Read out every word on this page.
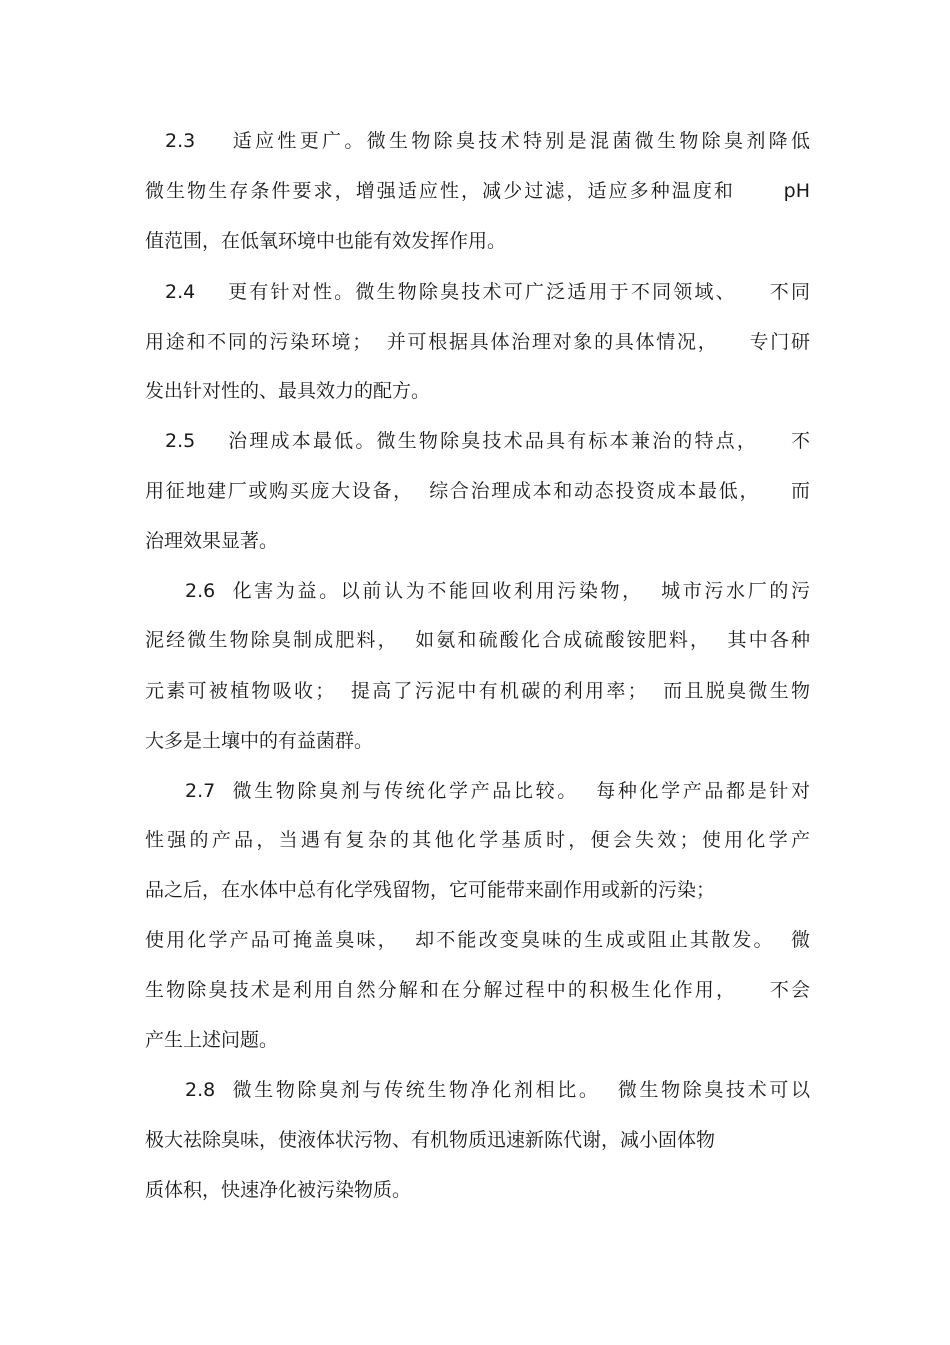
2.3    适应性更广。微生物除臭技术特别是混菌微生物除臭剂降低
微生物生存条件要求，增强适应性，减少过滤，适应多种温度和      pH
值范围，在低氧环境中也能有效发挥作用。
2.4    更有针对性。微生物除臭技术可广泛适用于不同领域、    不同
用途和不同的污染环境；  并可根据具体治理对象的具体情况，    专门研
发出针对性的、最具效力的配方。
2.5    治理成本最低。微生物除臭技术品具有标本兼治的特点，    不
用征地建厂或购买庞大设备，  综合治理成本和动态投资成本最低，    而
治理效果显著。
2.6  化害为益。以前认为不能回收利用污染物，  城市污水厂的污
泥经微生物除臭制成肥料，  如氨和硫酸化合成硫酸铵肥料，  其中各种
元素可被植物吸收；  提高了污泥中有机碳的利用率；  而且脱臭微生物
大多是土壤中的有益菌群。
2.7  微生物除臭剂与传统化学产品比较。  每种化学产品都是针对
性强的产品，当遇有复杂的其他化学基质时，便会失效；使用化学产
品之后，在水体中总有化学残留物，它可能带来副作用或新的污染；
使用化学产品可掩盖臭味，  却不能改变臭味的生成或阻止其散发。  微
生物除臭技术是利用自然分解和在分解过程中的积极生化作用，    不会
产生上述问题。
2.8  微生物除臭剂与传统生物净化剂相比。  微生物除臭技术可以
极大祛除臭味，使液体状污物、有机物质迅速新陈代谢，减小固体物
质体积，快速净化被污染物质。
